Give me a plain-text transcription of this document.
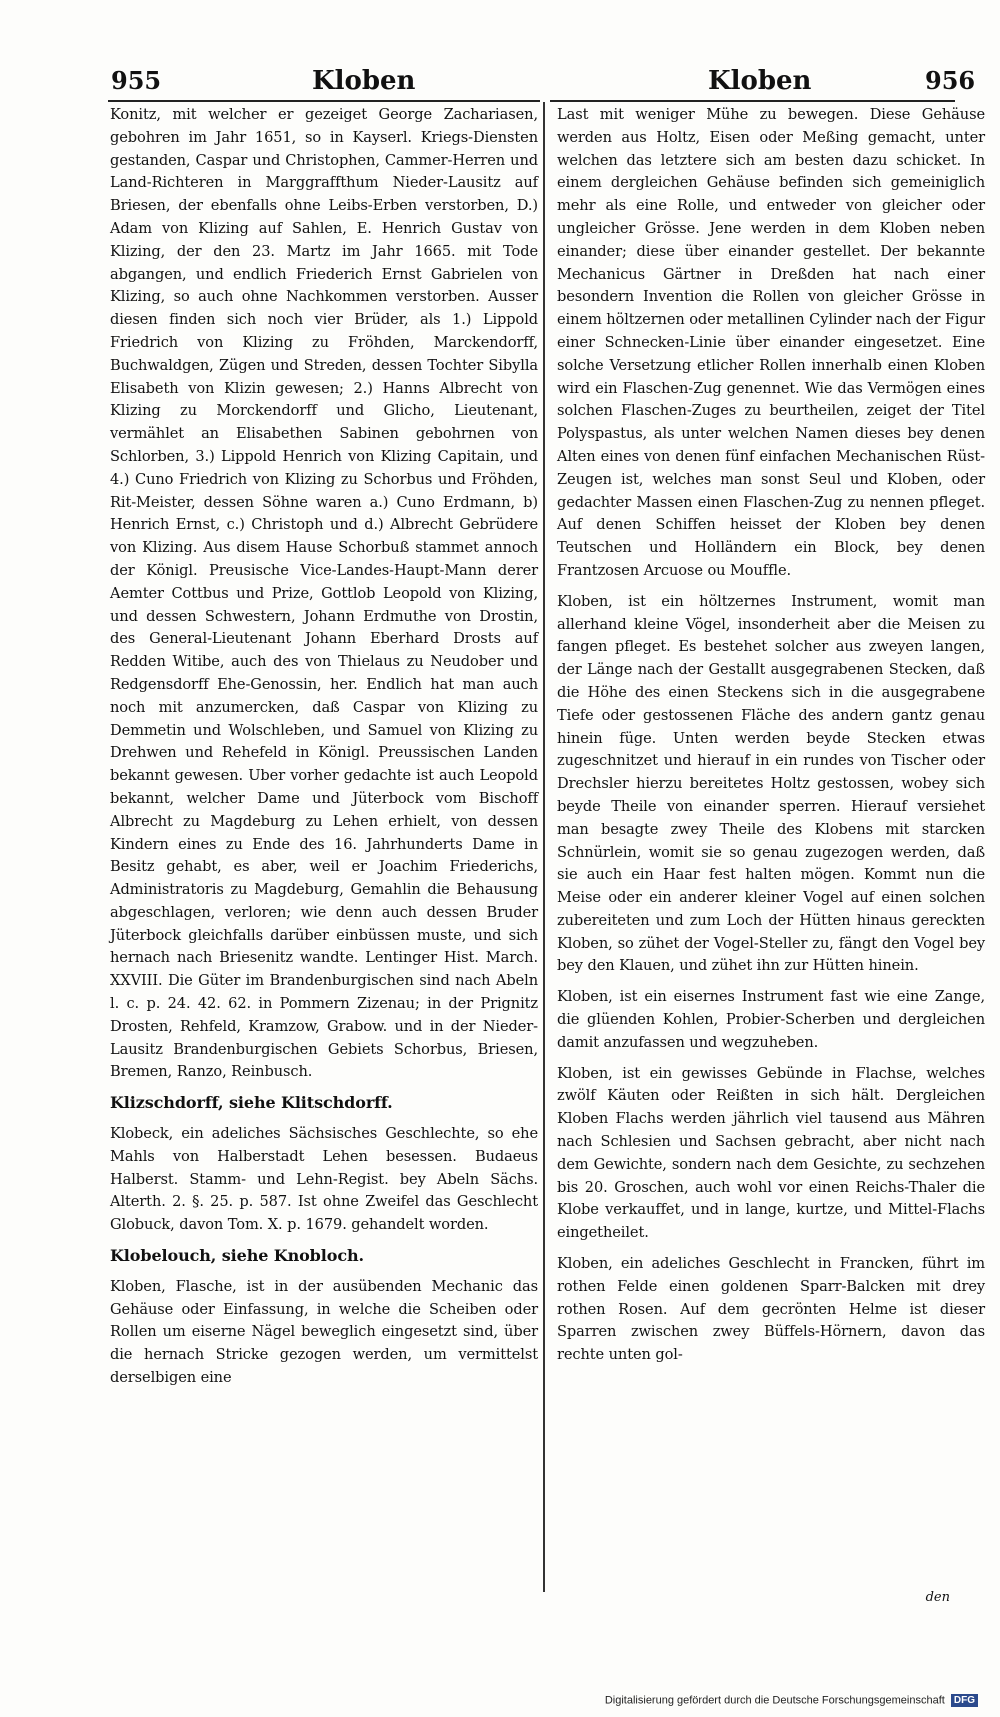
955	Kloben	Kloben	956

Konitz, mit welcher er gezeiget George Zachariasen, gebohren im Jahr 1651, so in Kayserl. Kriegs-Diensten gestanden, Caspar und Christophen, Cammer-Herren und Land-Richteren in Marggraffthum Nieder-Lausitz auf Briesen, der ebenfalls ohne Leibs-Erben verstorben, D.) Adam von Klizing auf Sahlen, E. Henrich Gustav von Klizing, der den 23. Martz im Jahr 1665. mit Tode abgangen, und endlich Friederich Ernst Gabrielen von Klizing, so auch ohne Nachkommen verstorben. Ausser diesen finden sich noch vier Brüder, als 1.) Lippold Friedrich von Klizing zu Fröhden, Marckendorff, Buchwaldgen, Zügen und Streden, dessen Tochter Sibylla Elisabeth von Klizin gewesen; 2.) Hanns Albrecht von Klizing zu Morckendorff und Glicho, Lieutenant, vermählet an Elisabethen Sabinen gebohrnen von Schlorben, 3.) Lippold Henrich von Klizing Capitain, und 4.) Cuno Friedrich von Klizing zu Schorbus und Fröhden, Rit-Meister, dessen Söhne waren a.) Cuno Erdmann, b) Henrich Ernst, c.) Christoph und d.) Albrecht Gebrüdere von Klizing. Aus disem Hause Schorbuß stammet annoch der Königl. Preusische Vice-Landes-Haupt-Mann derer Aemter Cottbus und Prize, Gottlob Leopold von Klizing, und dessen Schwestern, Johann Erdmuthe von Drostin, des General-Lieutenant Johann Eberhard Drosts auf Redden Witibe, auch des von Thielaus zu Neudober und Redgensdorff Ehe-Genossin, her. Endlich hat man auch noch mit anzumercken, daß Caspar von Klizing zu Demmetin und Wolschleben, und Samuel von Klizing zu Drehwen und Rehefeld in Königl. Preussischen Landen bekannt gewesen. Uber vorher gedachte ist auch Leopold bekannt, welcher Dame und Jüterbock vom Bischoff Albrecht zu Magdeburg zu Lehen erhielt, von dessen Kindern eines zu Ende des 16. Jahrhunderts Dame in Besitz gehabt, es aber, weil er Joachim Friederichs, Administratoris zu Magdeburg, Gemahlin die Behausung abgeschlagen, verloren; wie denn auch dessen Bruder Jüterbock gleichfalls darüber einbüssen muste, und sich hernach nach Briesenitz wandte. Lentinger Hist. March. XXVIII. Die Güter im Brandenburgischen sind nach Abeln l. c. p. 24. 42. 62. in Pommern Zizenau; in der Prignitz Drosten, Rehfeld, Kramzow, Grabow. und in der Nieder-Lausitz Brandenburgischen Gebiets Schorbus, Briesen, Bremen, Ranzo, Reinbusch.

Klizschdorff, siehe Klitschdorff.

Klobeck, ein adeliches Sächsisches Geschlechte, so ehe Mahls von Halberstadt Lehen besessen. Budaeus Halberst. Stamm- und Lehn-Regist. bey Abeln Sächs. Alterth. 2. §. 25. p. 587. Ist ohne Zweifel das Geschlecht Globuck, davon Tom. X. p. 1679. gehandelt worden.

Klobelouch, siehe Knobloch.

Kloben, Flasche, ist in der ausübenden Mechanic das Gehäuse oder Einfassung, in welche die Scheiben oder Rollen um eiserne Nägel beweglich eingesetzt sind, über die hernach Stricke gezogen werden, um vermittelst derselbigen eine

Last mit weniger Mühe zu bewegen. Diese Gehäuse werden aus Holtz, Eisen oder Meßing gemacht, unter welchen das letztere sich am besten dazu schicket. In einem dergleichen Gehäuse befinden sich gemeiniglich mehr als eine Rolle, und entweder von gleicher oder ungleicher Grösse. Jene werden in dem Kloben neben einander; diese über einander gestellet. Der bekannte Mechanicus Gärtner in Dreßden hat nach einer besondern Invention die Rollen von gleicher Grösse in einem höltzernen oder metallinen Cylinder nach der Figur einer Schnecken-Linie über einander eingesetzet. Eine solche Versetzung etlicher Rollen innerhalb einen Kloben wird ein Flaschen-Zug genennet. Wie das Vermögen eines solchen Flaschen-Zuges zu beurtheilen, zeiget der Titel Polyspastus, als unter welchen Namen dieses bey denen Alten eines von denen fünf einfachen Mechanischen Rüst-Zeugen ist, welches man sonst Seul und Kloben, oder gedachter Massen einen Flaschen-Zug zu nennen pfleget. Auf denen Schiffen heisset der Kloben bey denen Teutschen und Holländern ein Block, bey denen Frantzosen Arcuose ou Mouffle.

Kloben, ist ein höltzernes Instrument, womit man allerhand kleine Vögel, insonderheit aber die Meisen zu fangen pfleget. Es bestehet solcher aus zweyen langen, der Länge nach der Gestallt ausgegrabenen Stecken, daß die Höhe des einen Steckens sich in die ausgegrabene Tiefe oder gestossenen Fläche des andern gantz genau hinein füge. Unten werden beyde Stecken etwas zugeschnitzet und hierauf in ein rundes von Tischer oder Drechsler hierzu bereitetes Holtz gestossen, wobey sich beyde Theile von einander sperren. Hierauf versiehet man besagte zwey Theile des Klobens mit starcken Schnürlein, womit sie so genau zugezogen werden, daß sie auch ein Haar fest halten mögen. Kommt nun die Meise oder ein anderer kleiner Vogel auf einen solchen zubereiteten und zum Loch der Hütten hinaus gereckten Kloben, so zühet der Vogel-Steller zu, fängt den Vogel bey bey den Klauen, und zühet ihn zur Hütten hinein.

Kloben, ist ein eisernes Instrument fast wie eine Zange, die glüenden Kohlen, Probier-Scherben und dergleichen damit anzufassen und wegzuheben.

Kloben, ist ein gewisses Gebünde in Flachse, welches zwölf Käuten oder Reißten in sich hält. Dergleichen Kloben Flachs werden jährlich viel tausend aus Mähren nach Schlesien und Sachsen gebracht, aber nicht nach dem Gewichte, sondern nach dem Gesichte, zu sechzehen bis 20. Groschen, auch wohl vor einen Reichs-Thaler die Klobe verkauffet, und in lange, kurtze, und Mittel-Flachs eingetheilet.

Kloben, ein adeliches Geschlecht in Francken, führt im rothen Felde einen goldenen Sparr-Balcken mit drey rothen Rosen. Auf dem gecrönten Helme ist dieser Sparren zwischen zwey Büffels-Hörnern, davon das rechte unten gol-

den
Digitalisierung gefördert durch die Deutsche Forschungsgemeinschaft DFG
